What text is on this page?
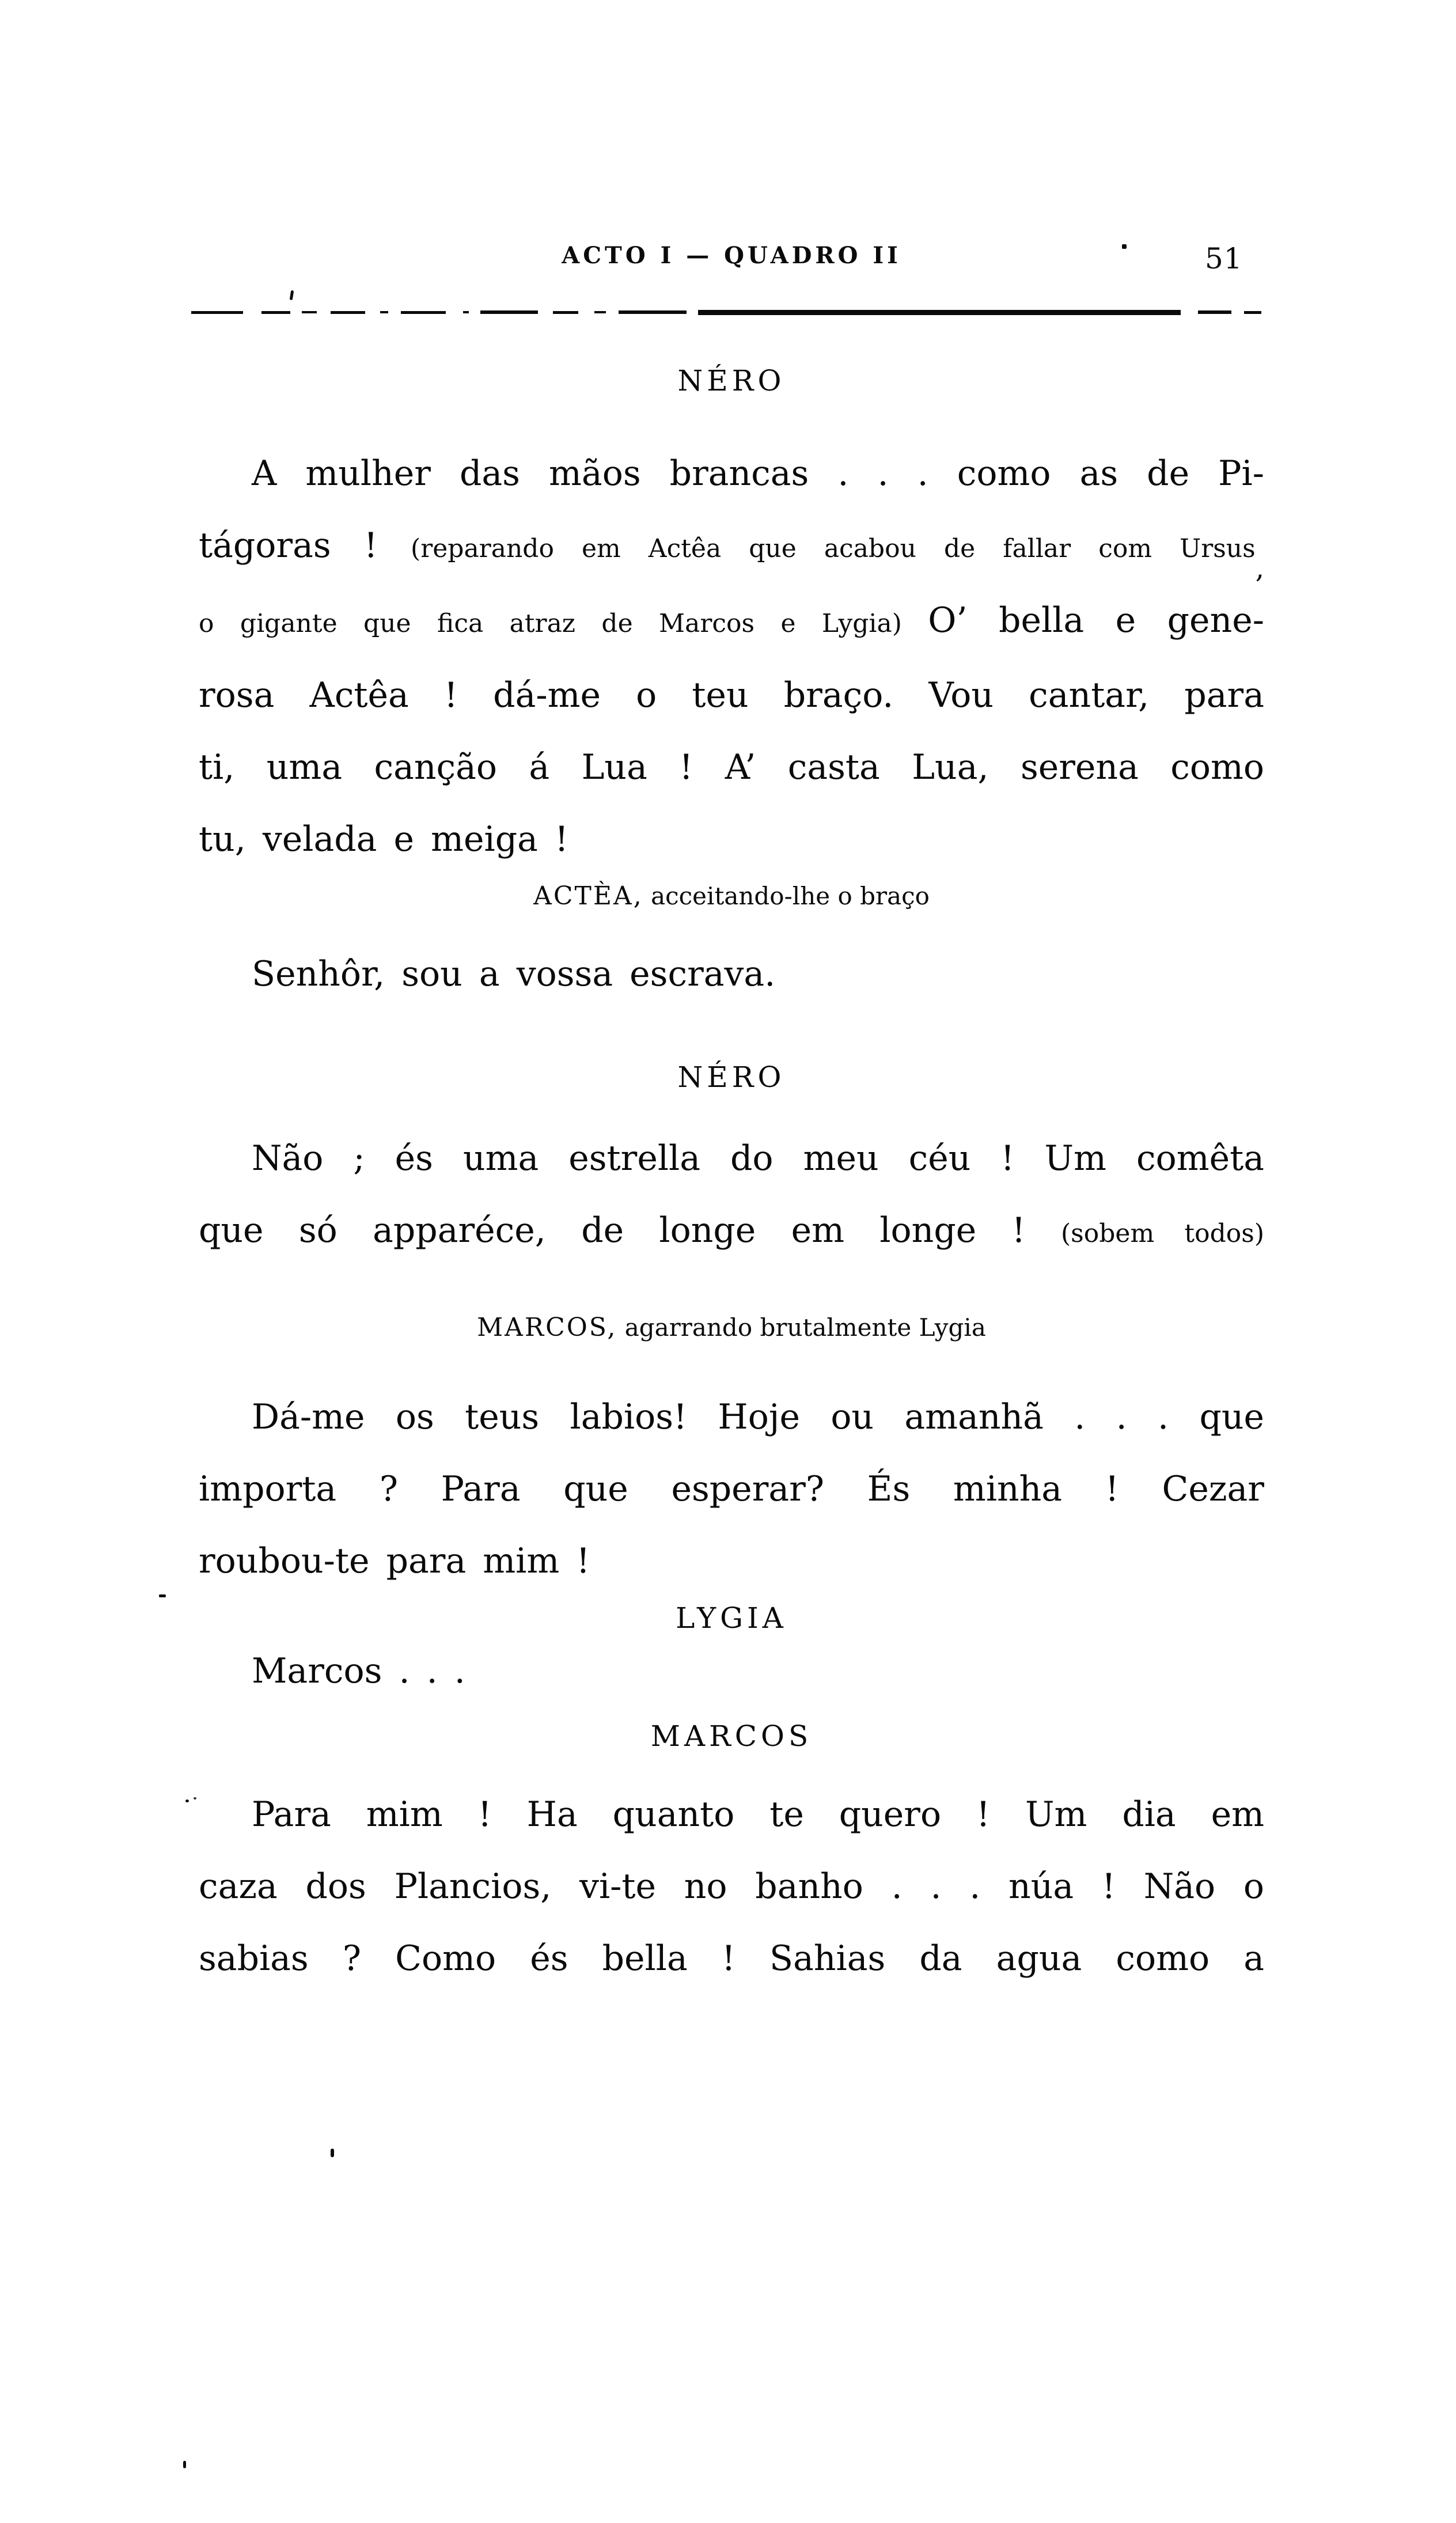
ACTO I — QUADRO II	51
NÉRO
A mulher das mãos brancas . . . como as de Pi-
tágoras ! (reparando em Actêa que acabou de fallar com Ursus$_,$
o gigante que fica atraz de Marcos e Lygia) O’ bella e gene-
rosa Actêa ! dá-me o teu braço. Vou cantar, para
ti, uma canção á Lua ! A’ casta Lua, serena como
tu, velada e meiga !
ACTÈA, acceitando-lhe o braço
Senhôr, sou a vossa escrava.
NÉRO
Não ; és uma estrella do meu céu ! Um comêta
que só apparéce, de longe em longe ! (sobem todos)
MARCOS, agarrando brutalmente Lygia
Dá-me os teus labios! Hoje ou amanhã . . . que
importa ? Para que esperar? És minha ! Cezar
roubou-te para mim !
LYGIA
Marcos . . .
MARCOS
Para mim ! Ha quanto te quero ! Um dia em
caza dos Plancios, vi-te no banho . . . núa ! Não o
sabias ? Como és bella ! Sahias da agua como a
